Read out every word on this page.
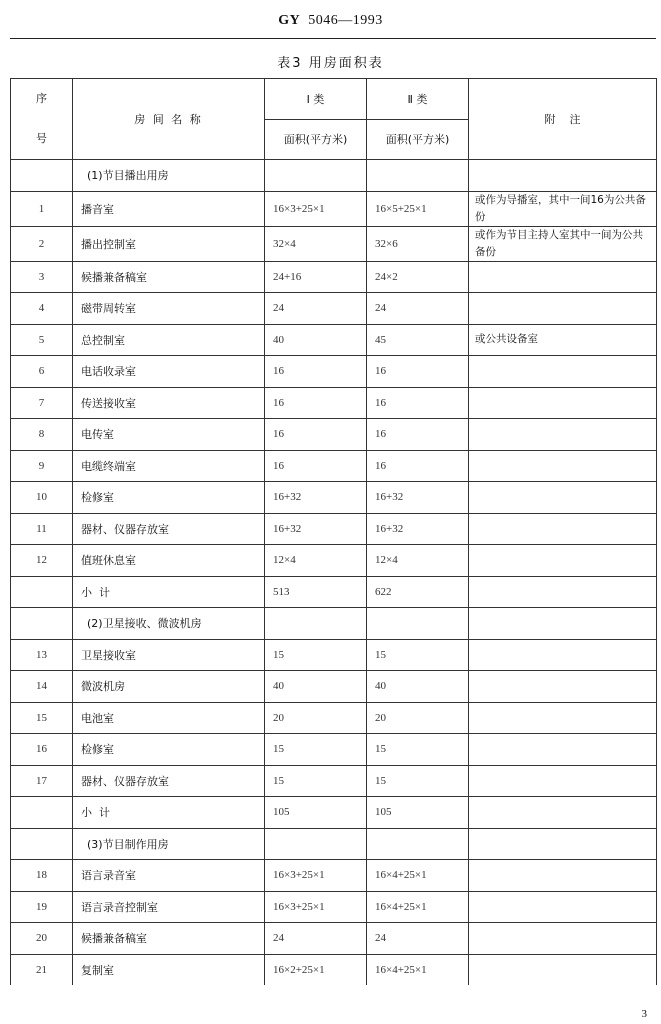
GY 5046—1993
表3 用房面积表
序
号	房 间 名 称	Ⅰ 类	Ⅱ 类	附    注
		面积(平方米)	面积(平方米)	
	(1)节目播出用房			
1	播音室	16×3+25×1	16×5+25×1	或作为导播室，其中一间16为公共备份
2	播出控制室	32×4	32×6	或作为节目主持人室其中一间为公共备份
3	候播兼备稿室	24+16	24×2	
4	磁带周转室	24	24	
5	总控制室	40	45	或公共设备室
6	电话收录室	16	16	
7	传送接收室	16	16	
8	电传室	16	16	
9	电缆终端室	16	16	
10	检修室	16+32	16+32	
11	器材、仪器存放室	16+32	16+32	
12	值班休息室	12×4	12×4	
	小  计	513	622	
	(2)卫星接收、微波机房			
13	卫星接收室	15	15	
14	微波机房	40	40	
15	电池室	20	20	
16	检修室	15	15	
17	器材、仪器存放室	15	15	
	小  计	105	105	
	(3)节目制作用房			
18	语言录音室	16×3+25×1	16×4+25×1	
19	语言录音控制室	16×3+25×1	16×4+25×1	
20	候播兼备稿室	24	24	
21	复制室	16×2+25×1	16×4+25×1	
3
